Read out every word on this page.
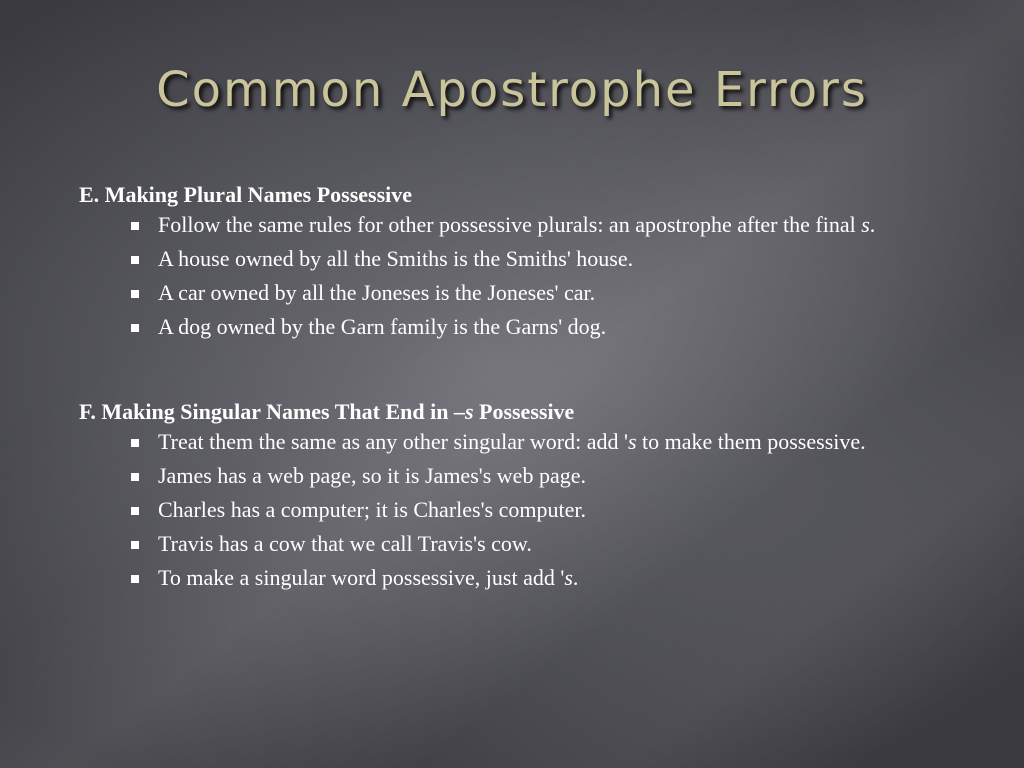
Common Apostrophe Errors
E. Making Plural Names Possessive
Follow the same rules for other possessive plurals: an apostrophe after the final s.
A house owned by all the Smiths is the Smiths' house.
A car owned by all the Joneses is the Joneses' car.
A dog owned by the Garn family is the Garns' dog.
F. Making Singular Names That End in –s Possessive
Treat them the same as any other singular word: add 's to make them possessive.
James has a web page, so it is James's web page.
Charles has a computer; it is Charles's computer.
Travis has a cow that we call Travis's cow.
To make a singular word possessive, just add 's.
